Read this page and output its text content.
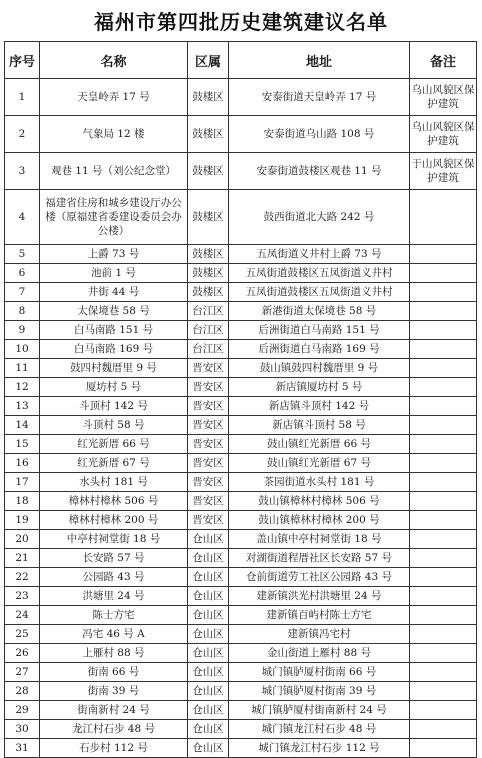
福州市第四批历史建筑建议名单
序号	名称	区属	地址	备注
1	天皇岭弄 17 号	鼓楼区	安泰街道天皇岭弄 17 号	乌山风貌区保护建筑
2	气象局 12 楼	鼓楼区	安泰街道乌山路 108 号	乌山风貌区保护建筑
3	观巷 11 号（刘公纪念堂）	鼓楼区	安泰街道鼓楼区观巷 11 号	于山风貌区保护建筑
4	福建省住房和城乡建设厅办公楼（原福建省委建设委员会办公楼）	鼓楼区	鼓西街道北大路 242 号	
5	上爵 73 号	鼓楼区	五凤街道义井村上爵 73 号	
6	池前 1 号	鼓楼区	五凤街道鼓楼区五凤街道义井村	
7	井街 44 号	鼓楼区	五凤街道鼓楼区五凤街道义井村	
8	太保境巷 58 号	台江区	新港街道太保境巷 58 号	
9	白马南路 151 号	台江区	后洲街道白马南路 151 号	
10	白马南路 169 号	台江区	后洲街道白马南路 169 号	
11	鼓四村魏厝里 9 号	晋安区	鼓山镇鼓四村魏厝里 9 号	
12	厦坊村 5 号	晋安区	新店镇厦坊村 5 号	
13	斗顶村 142 号	晋安区	新店镇斗顶村 142 号	
14	斗顶村 58 号	晋安区	新店镇斗顶村 58 号	
15	红光新厝 66 号	晋安区	鼓山镇红光新厝 66 号	
16	红光新厝 67 号	晋安区	鼓山镇红光新厝 67 号	
17	水头村 181 号	晋安区	茶园街道水头村 181 号	
18	樟林村樟林 506 号	晋安区	鼓山镇樟林村樟林 506 号	
19	樟林村樟林 200 号	晋安区	鼓山镇樟林村樟林 200 号	
20	中亭村祠堂街 18 号	仓山区	盖山镇中亭村祠堂街 18 号	
21	长安路 57 号	仓山区	对湖街道程厝社区长安路 57 号	
22	公园路 43 号	仓山区	仓前街道劳工社区公园路 43 号	
23	洪塘里 24 号	仓山区	建新镇洪光村洪塘里 24 号	
24	陈士方宅	仓山区	建新镇百屿村陈士方宅	
25	冯宅 46 号 A	仓山区	建新镇冯宅村	
26	上雁村 88 号	仓山区	金山街道上雁村 88 号	
27	街南 66 号	仓山区	城门镇胪厦村街南 66 号	
28	街南 39 号	仓山区	城门镇胪厦村街南 39 号	
29	街南新村 24 号	仓山区	城门镇胪厦村街南新村 24 号	
30	龙江村石步 48 号	仓山区	城门镇龙江村石步 48 号	
31	石步村 112 号	仓山区	城门镇龙江村石步 112 号	
